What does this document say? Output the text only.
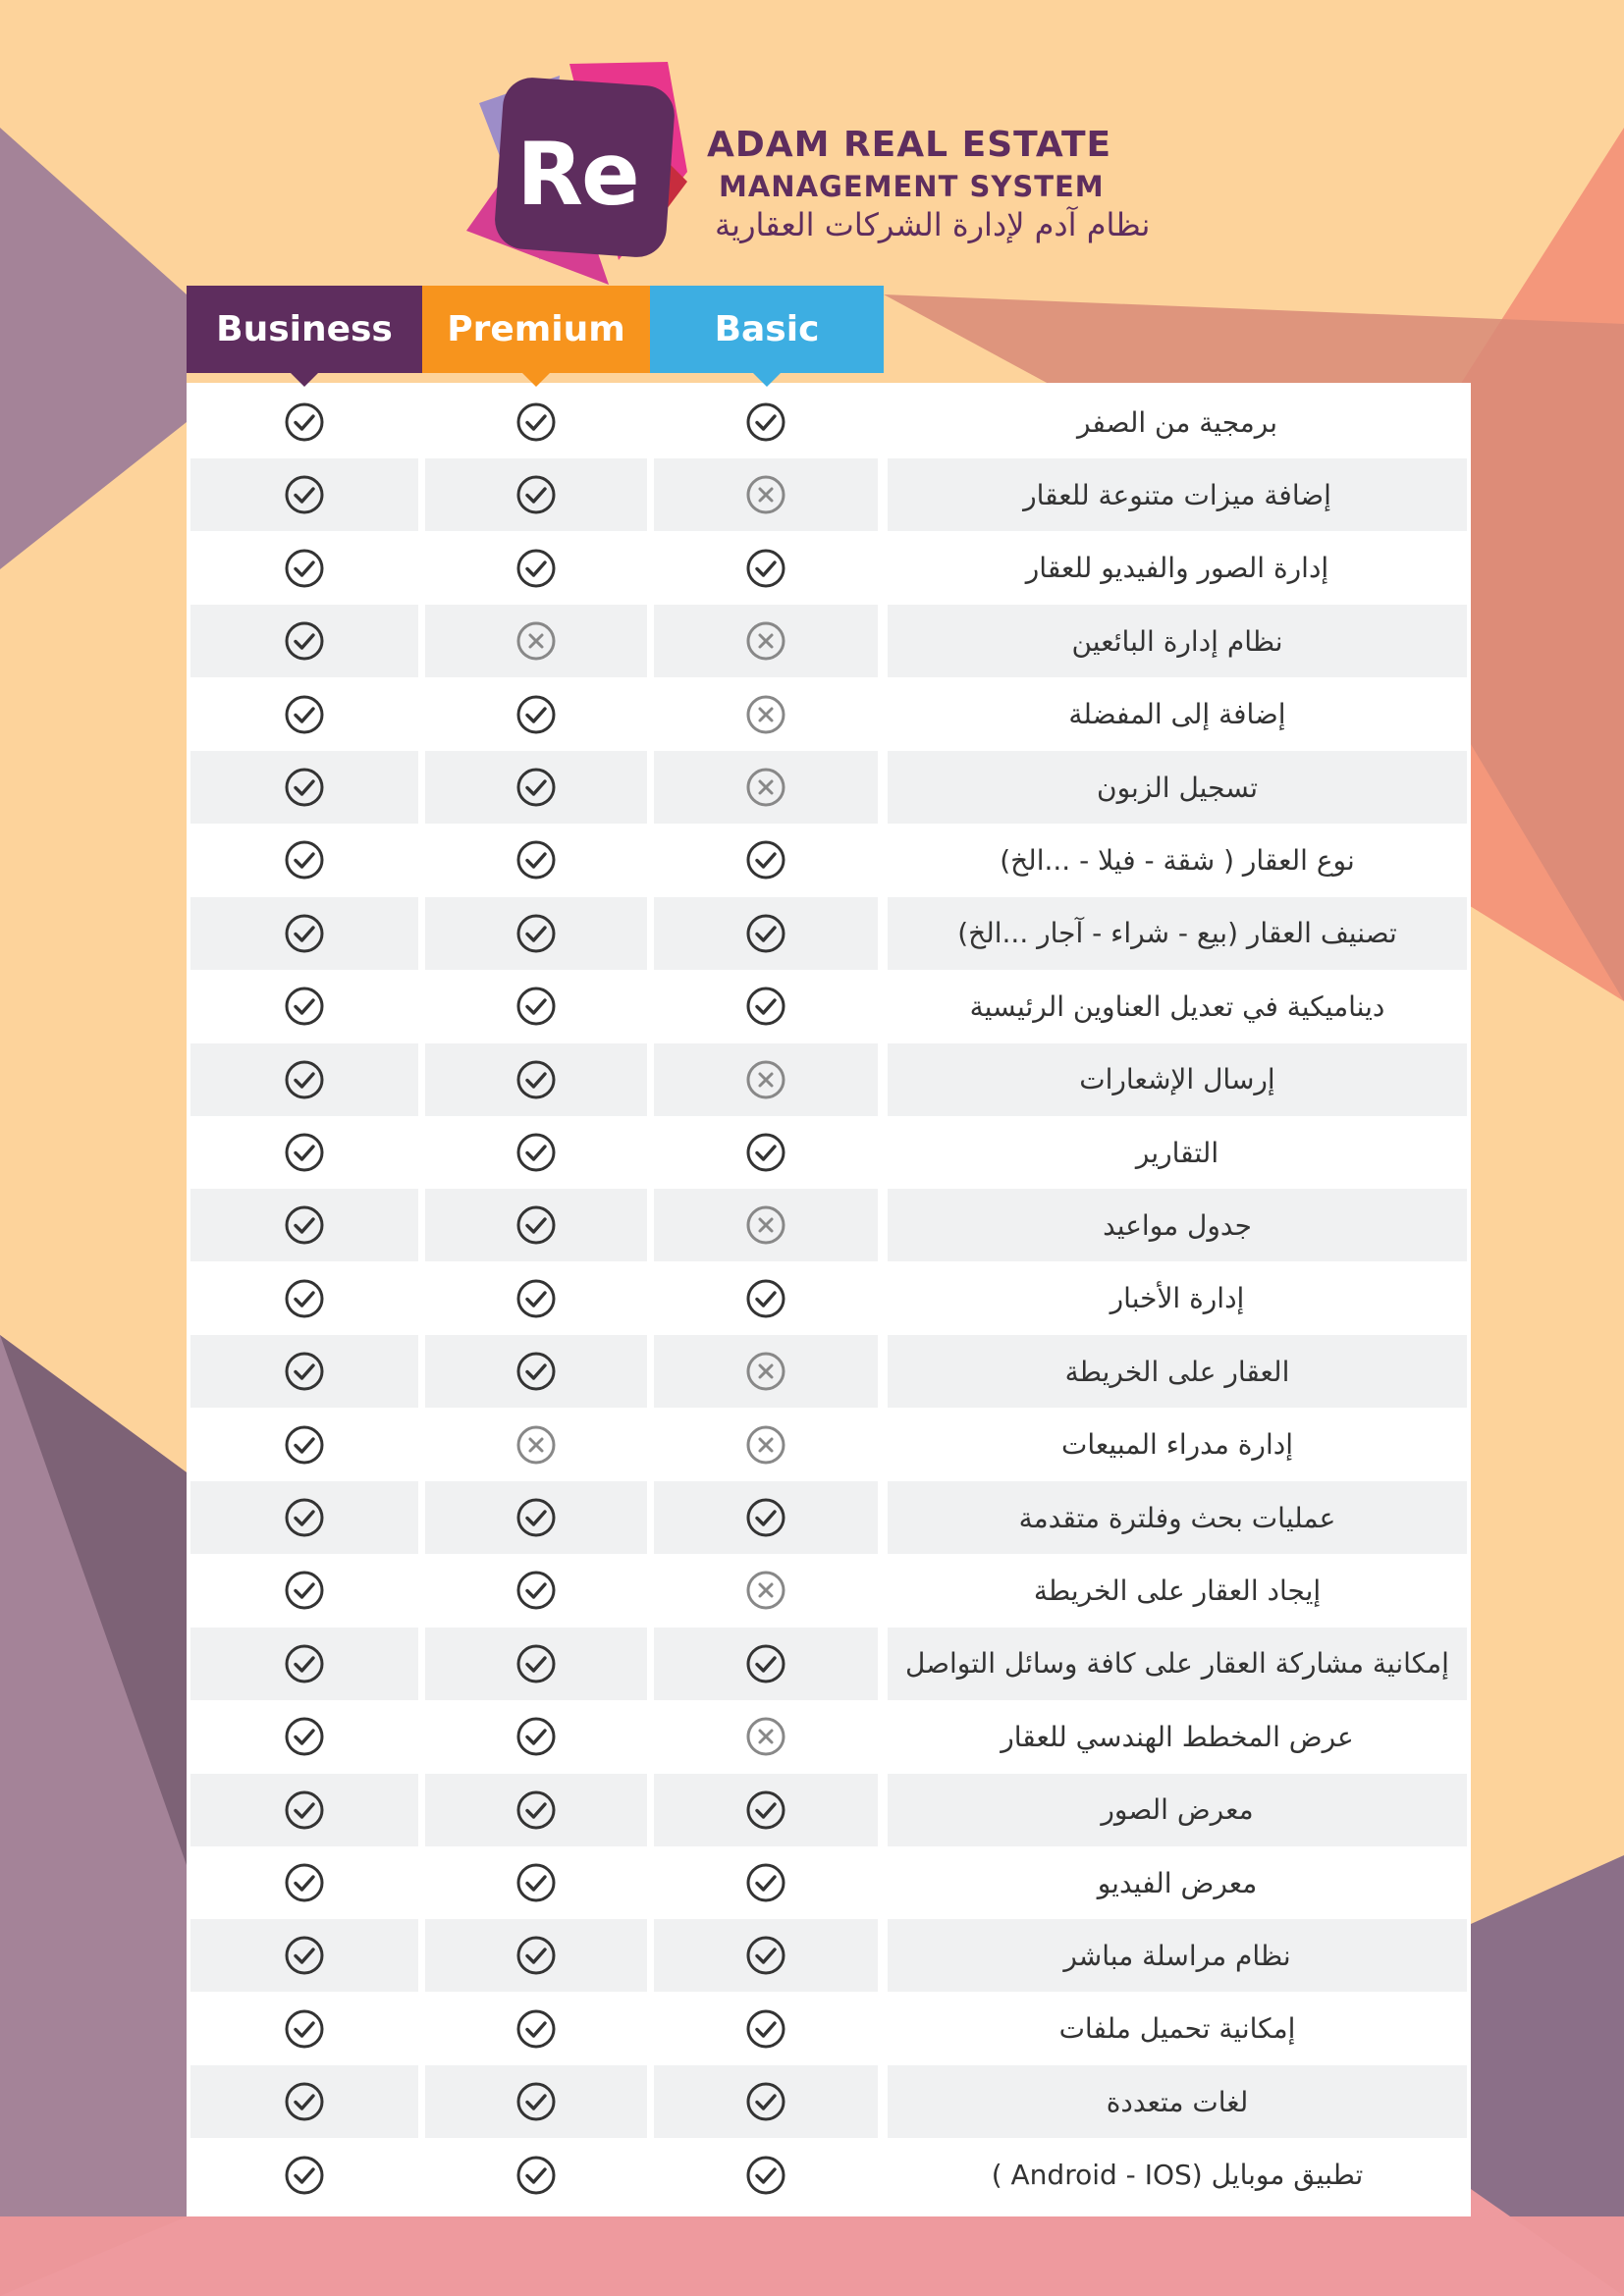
Re	ADAM REAL ESTATE
MANAGEMENT SYSTEM
نظام آدم لإدارة الشركات العقارية
Business Premium	Basic
برمجية من الصفر
إضافة ميزات متنوعة للعقار
إدارة الصور والفيديو للعقار
نظام إدارة البائعين
إضافة إلى المفضلة
تسجيل الزبون
نوع العقار ( شقة - فيلا - ...الخ)
تصنيف العقار (بيع - شراء - آجار ...الخ)
ديناميكية في تعديل العناوين الرئيسية
إرسال الإشعارات
التقارير
جدول مواعيد
إدارة الأخبار
العقار على الخريطة
إدارة مدراء المبيعات
عمليات بحث وفلترة متقدمة
إيجاد العقار على الخريطة
إمكانية مشاركة العقار على كافة وسائل التواصل
عرض المخطط الهندسي للعقار
معرض الصور
معرض الفيديو
نظام مراسلة مباشر
إمكانية تحميل ملفات
لغات متعددة
تطبيق موبايل (Android - IOS )
